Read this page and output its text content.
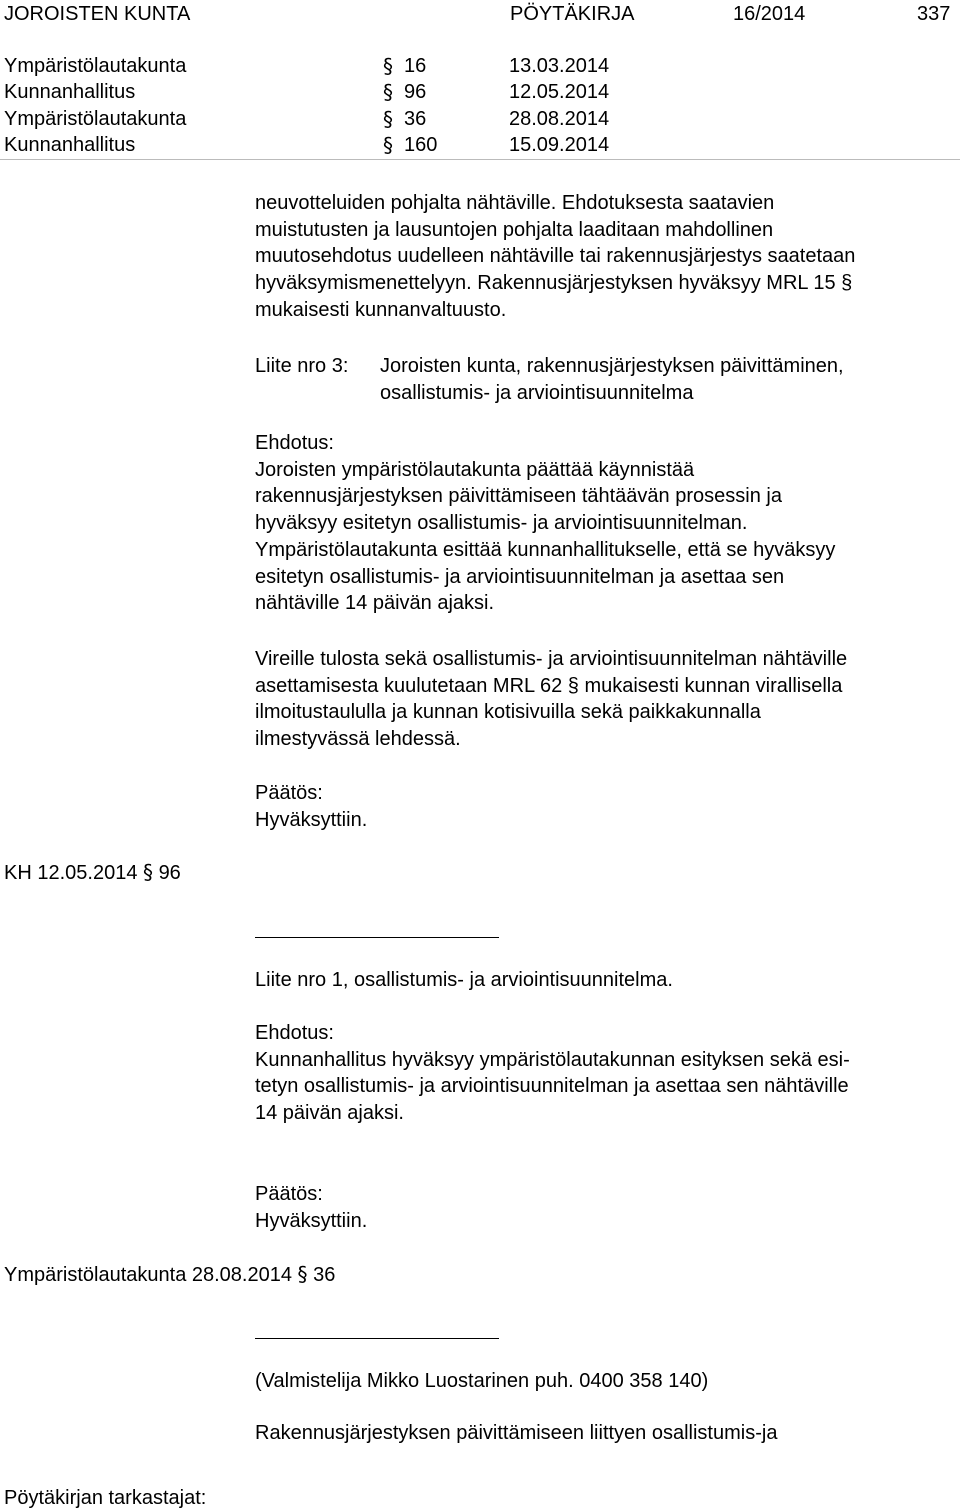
JOROISTEN KUNTA	PÖYTÄKIRJA	16/2014	337
Ympäristölautakunta	§ 16	13.03.2014
Kunnanhallitus	§ 96	12.05.2014
Ympäristölautakunta	§ 36	28.08.2014
Kunnanhallitus	§ 160	15.09.2014
neuvotteluiden pohjalta nähtäville. Ehdotuksesta saatavien
muistutusten ja lausuntojen pohjalta laaditaan mahdollinen
muutosehdotus uudelleen nähtäville tai rakennusjärjestys saatetaan
hyväksymismenettelyyn. Rakennusjärjestyksen hyväksyy MRL 15 §
mukaisesti kunnanvaltuusto.
Liite nro 3: Joroisten kunta, rakennusjärjestyksen päivittäminen,
osallistumis- ja arviointisuunnitelma
Ehdotus:
Joroisten ympäristölautakunta päättää käynnistää
rakennusjärjestyksen päivittämiseen tähtäävän prosessin ja
hyväksyy esitetyn osallistumis- ja arviointisuunnitelman.
Ympäristölautakunta esittää kunnanhallitukselle, että se hyväksyy
esitetyn osallistumis- ja arviointisuunnitelman ja asettaa sen
nähtäville 14 päivän ajaksi.
Vireille tulosta sekä osallistumis- ja arviointisuunnitelman nähtäville
asettamisesta kuulutetaan MRL 62 § mukaisesti kunnan virallisella
ilmoitustaululla ja kunnan kotisivuilla sekä paikkakunnalla
ilmestyvässä lehdessä.
Päätös:
Hyväksyttiin.
KH 12.05.2014 § 96
Liite nro 1, osallistumis- ja arviointisuunnitelma.
Ehdotus:
Kunnanhallitus hyväksyy ympäristölautakunnan esityksen sekä esi-
tetyn osallistumis- ja arviointisuunnitelman ja asettaa sen nähtäville
14 päivän ajaksi.
Päätös:
Hyväksyttiin.
Ympäristölautakunta 28.08.2014 § 36
(Valmistelija Mikko Luostarinen puh. 0400 358 140)
Rakennusjärjestyksen päivittämiseen liittyen osallistumis-ja
Pöytäkirjan tarkastajat:
